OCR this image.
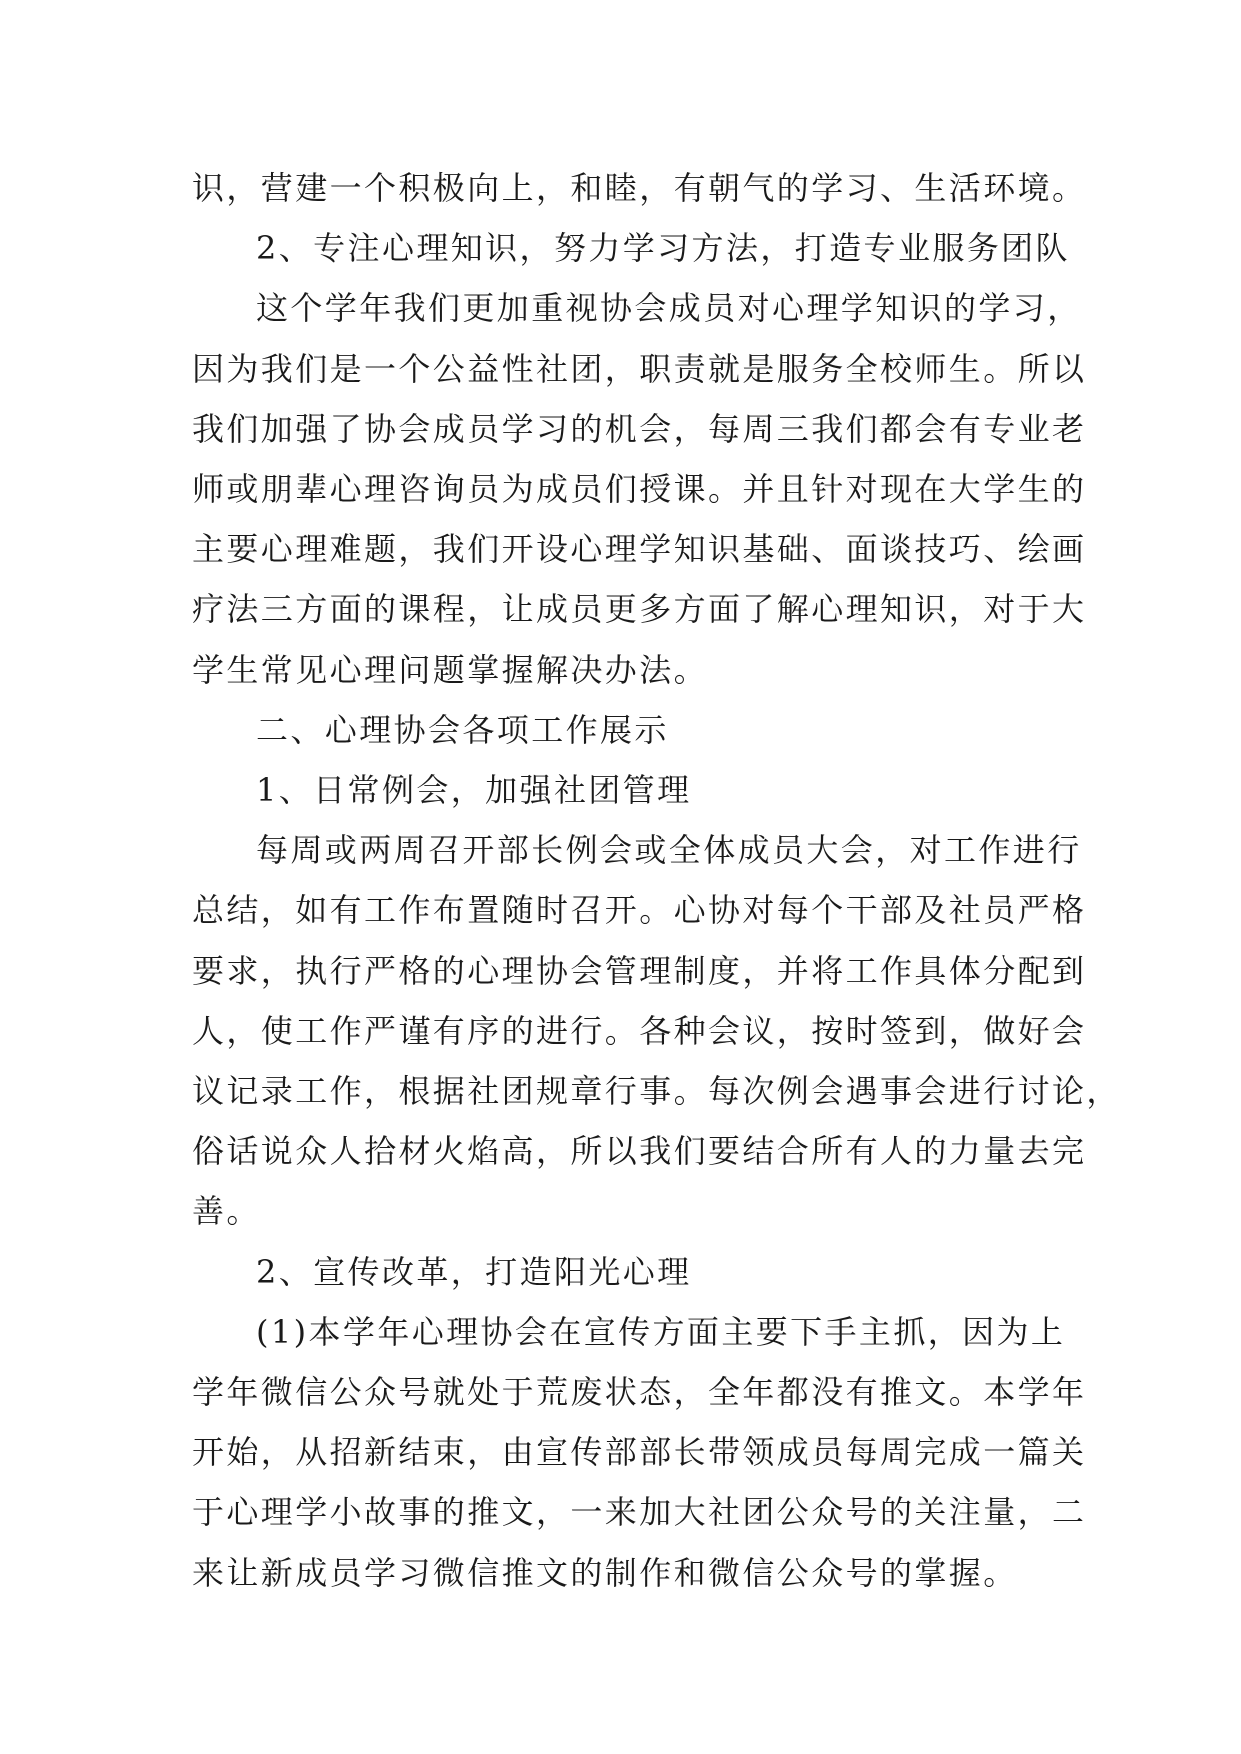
识，营建一个积极向上，和睦，有朝气的学习、生活环境。
2、专注心理知识，努力学习方法，打造专业服务团队
这个学年我们更加重视协会成员对心理学知识的学习，
因为我们是一个公益性社团，职责就是服务全校师生。所以
我们加强了协会成员学习的机会，每周三我们都会有专业老
师或朋辈心理咨询员为成员们授课。并且针对现在大学生的
主要心理难题，我们开设心理学知识基础、面谈技巧、绘画
疗法三方面的课程，让成员更多方面了解心理知识，对于大
学生常见心理问题掌握解决办法。
二、心理协会各项工作展示
1、日常例会，加强社团管理
每周或两周召开部长例会或全体成员大会，对工作进行
总结，如有工作布置随时召开。心协对每个干部及社员严格
要求，执行严格的心理协会管理制度，并将工作具体分配到
人，使工作严谨有序的进行。各种会议，按时签到，做好会
议记录工作，根据社团规章行事。每次例会遇事会进行讨论，
俗话说众人拾材火焰高，所以我们要结合所有人的力量去完
善。
2、宣传改革，打造阳光心理
(1)本学年心理协会在宣传方面主要下手主抓，因为上
学年微信公众号就处于荒废状态，全年都没有推文。本学年
开始，从招新结束，由宣传部部长带领成员每周完成一篇关
于心理学小故事的推文，一来加大社团公众号的关注量，二
来让新成员学习微信推文的制作和微信公众号的掌握。
